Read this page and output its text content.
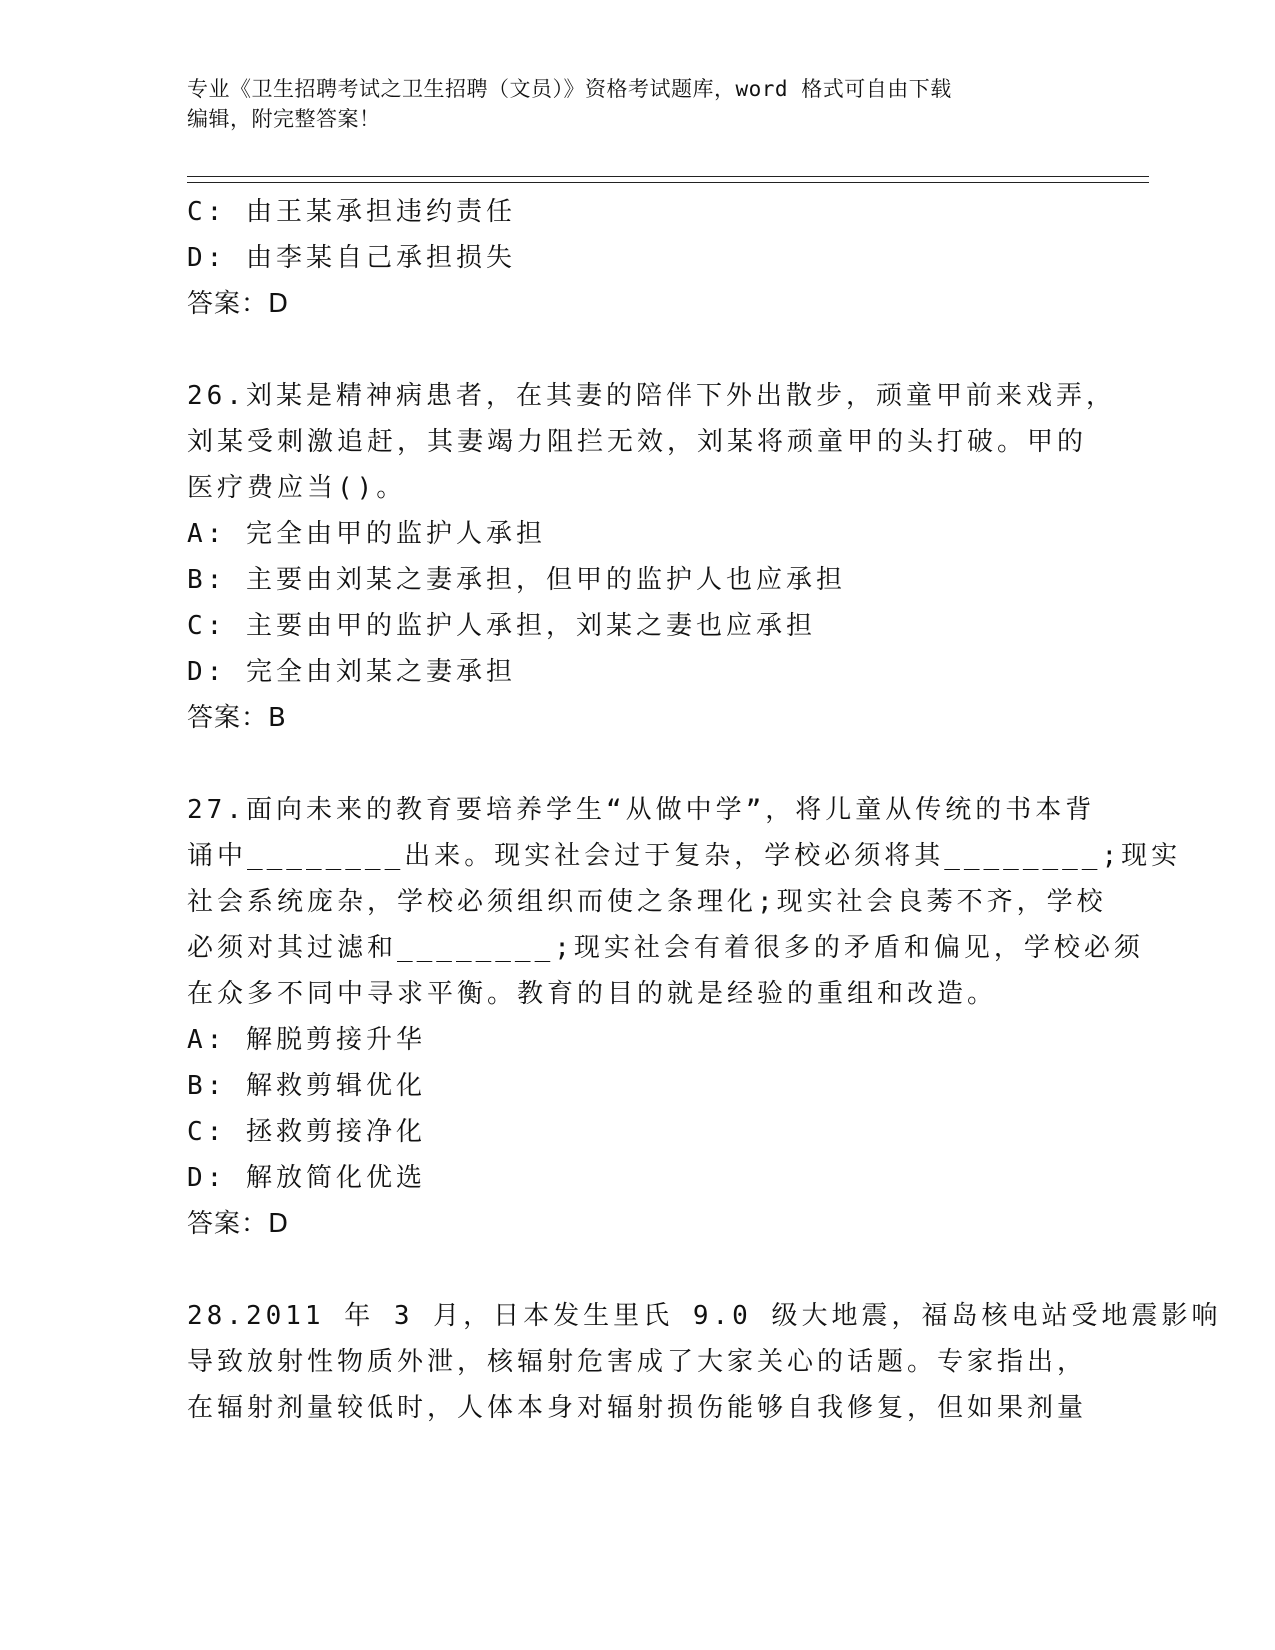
专业《卫生招聘考试之卫生招聘（文员）》资格考试题库，word 格式可自由下载
编辑，附完整答案！
C: 由王某承担违约责任
D: 由李某自己承担损失
答案：D
26.刘某是精神病患者，在其妻的陪伴下外出散步，顽童甲前来戏弄，
刘某受刺激追赶，其妻竭力阻拦无效，刘某将顽童甲的头打破。甲的
医疗费应当()。
A: 完全由甲的监护人承担
B: 主要由刘某之妻承担，但甲的监护人也应承担
C: 主要由甲的监护人承担，刘某之妻也应承担
D: 完全由刘某之妻承担
答案：B
27.面向未来的教育要培养学生“从做中学”，将儿童从传统的书本背
诵中________出来。现实社会过于复杂，学校必须将其________;现实
社会系统庞杂，学校必须组织而使之条理化;现实社会良莠不齐，学校
必须对其过滤和________;现实社会有着很多的矛盾和偏见，学校必须
在众多不同中寻求平衡。教育的目的就是经验的重组和改造。
A: 解脱剪接升华
B: 解救剪辑优化
C: 拯救剪接净化
D: 解放简化优选
答案：D
28.2011 年 3 月，日本发生里氏 9.0 级大地震，福岛核电站受地震影响
导致放射性物质外泄，核辐射危害成了大家关心的话题。专家指出，
在辐射剂量较低时，人体本身对辐射损伤能够自我修复，但如果剂量
